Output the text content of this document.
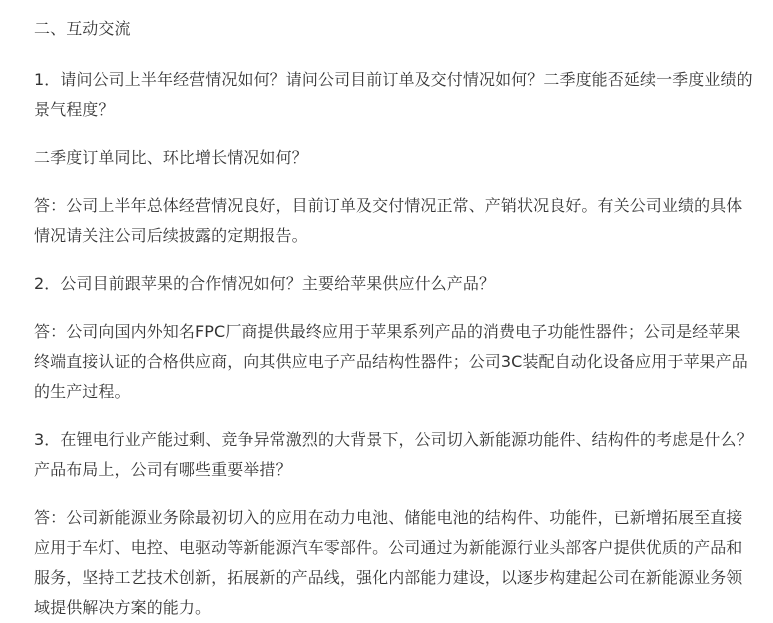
二、互动交流

1．请问公司上半年经营情况如何？请问公司目前订单及交付情况如何？二季度能否延续一季度业绩的景气程度？

二季度订单同比、环比增长情况如何？

答：公司上半年总体经营情况良好，目前订单及交付情况正常、产销状况良好。有关公司业绩的具体情况请关注公司后续披露的定期报告。

2．公司目前跟苹果的合作情况如何？主要给苹果供应什么产品？

答：公司向国内外知名FPC厂商提供最终应用于苹果系列产品的消费电子功能性器件；公司是经苹果终端直接认证的合格供应商，向其供应电子产品结构性器件；公司3C装配自动化设备应用于苹果产品的生产过程。

3．在锂电行业产能过剩、竞争异常激烈的大背景下，公司切入新能源功能件、结构件的考虑是什么？产品布局上，公司有哪些重要举措？

答：公司新能源业务除最初切入的应用在动力电池、储能电池的结构件、功能件，已新增拓展至直接应用于车灯、电控、电驱动等新能源汽车零部件。公司通过为新能源行业头部客户提供优质的产品和服务，坚持工艺技术创新，拓展新的产品线，强化内部能力建设，以逐步构建起公司在新能源业务领域提供解决方案的能力。
